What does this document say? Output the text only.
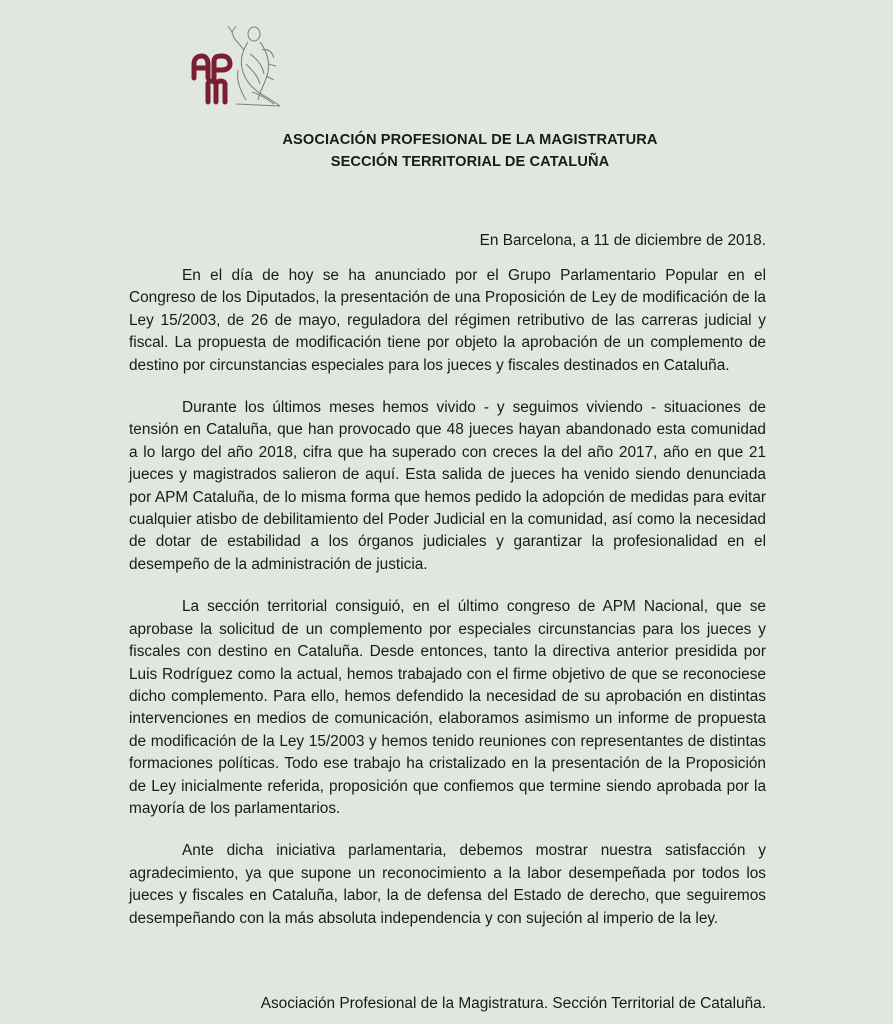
ASOCIACIÓN PROFESIONAL DE LA MAGISTRATURA
SECCIÓN TERRITORIAL DE CATALUÑA
En Barcelona, a 11 de diciembre de 2018.

En el día de hoy se ha anunciado por el Grupo Parlamentario Popular en el Congreso de los Diputados, la presentación de una Proposición de Ley de modificación de la Ley 15/2003, de 26 de mayo, reguladora del régimen retributivo de las carreras judicial y fiscal. La propuesta de modificación tiene por objeto la aprobación de un complemento de destino por circunstancias especiales para los jueces y fiscales destinados en Cataluña.

Durante los últimos meses hemos vivido - y seguimos viviendo - situaciones de tensión en Cataluña, que han provocado que 48 jueces hayan abandonado esta comunidad a lo largo del año 2018, cifra que ha superado con creces la del año 2017, año en que 21 jueces y magistrados salieron de aquí. Esta salida de jueces ha venido siendo denunciada por APM Cataluña, de lo misma forma que hemos pedido la adopción de medidas para evitar cualquier atisbo de debilitamiento del Poder Judicial en la comunidad, así como la necesidad de dotar de estabilidad a los órganos judiciales y garantizar la profesionalidad en el desempeño de la administración de justicia.

La sección territorial consiguió, en el último congreso de APM Nacional, que se aprobase la solicitud de un complemento por especiales circunstancias para los jueces y fiscales con destino en Cataluña. Desde entonces, tanto la directiva anterior presidida por Luis Rodríguez como la actual, hemos trabajado con el firme objetivo de que se reconociese dicho complemento. Para ello, hemos defendido la necesidad de su aprobación en distintas intervenciones en medios de comunicación, elaboramos asimismo un informe de propuesta de modificación de la Ley 15/2003 y hemos tenido reuniones con representantes de distintas formaciones políticas. Todo ese trabajo ha cristalizado en la presentación de la Proposición de Ley inicialmente referida, proposición que confiemos que termine siendo aprobada por la mayoría de los parlamentarios.

Ante dicha iniciativa parlamentaria, debemos mostrar nuestra satisfacción y agradecimiento, ya que supone un reconocimiento a la labor desempeñada por todos los jueces y fiscales en Cataluña, labor, la de defensa del Estado de derecho, que seguiremos desempeñando con la más absoluta independencia y con sujeción al imperio de la ley.

Asociación Profesional de la Magistratura. Sección Territorial de Cataluña.
